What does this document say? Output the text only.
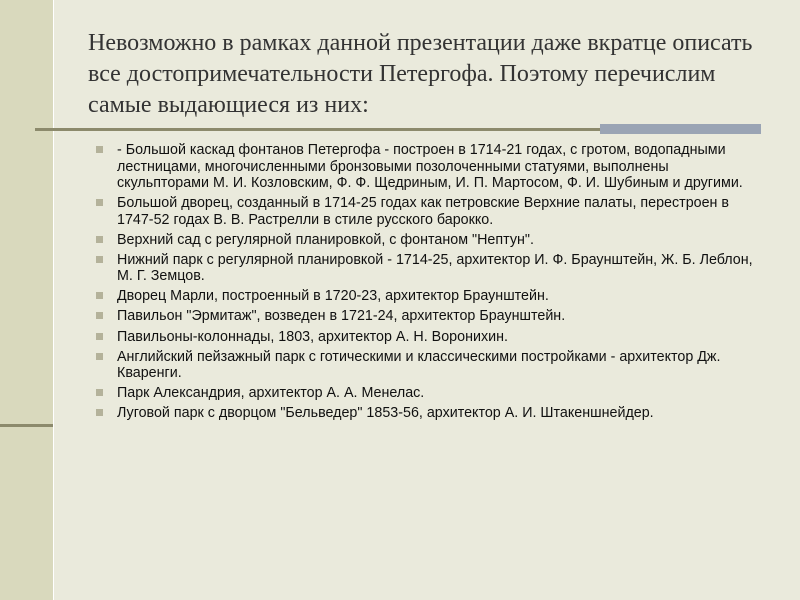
Невозможно в рамках данной презентации даже вкратце описать все достопримечательности Петергофа. Поэтому перечислим самые выдающиеся из них:
- Большой каскад фонтанов Петергофа - построен в 1714-21 годах, с гротом, водопадными лестницами, многочисленными бронзовыми позолоченными статуями, выполнены скульпторами М. И. Козловским, Ф. Ф. Щедриным, И. П. Мартосом, Ф. И. Шубиным и другими.
Большой дворец, созданный в 1714-25 годах как петровские Верхние палаты, перестроен в 1747-52 годах В. В. Растрелли в стиле русского барокко.
Верхний сад с регулярной планировкой, с фонтаном "Нептун".
Нижний парк с регулярной планировкой - 1714-25, архитектор И. Ф. Браунштейн, Ж. Б. Леблон, М. Г. Земцов.
Дворец Марли, построенный в 1720-23, архитектор Браунштейн.
Павильон "Эрмитаж", возведен в 1721-24, архитектор Браунштейн.
Павильоны-колоннады, 1803, архитектор А. Н. Воронихин.
Английский пейзажный парк с готическими и классическими постройками - архитектор Дж. Кваренги.
Парк Александрия, архитектор А. А. Менелас.
Луговой парк с дворцом "Бельведер" 1853-56, архитектор А. И. Штакеншнейдер.
